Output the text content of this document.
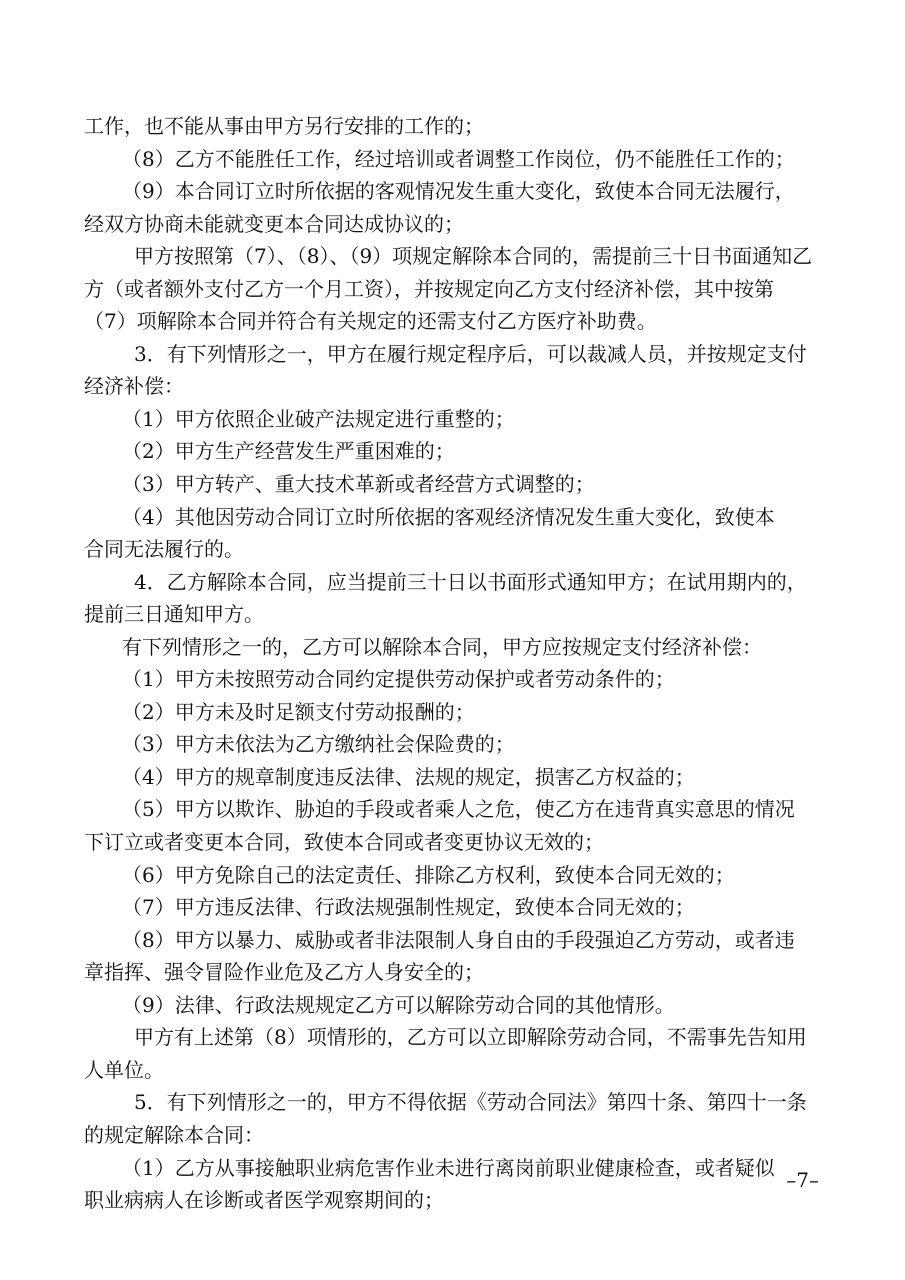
工作，也不能从事由甲方另行安排的工作的；
（8）乙方不能胜任工作，经过培训或者调整工作岗位，仍不能胜任工作的；
（9）本合同订立时所依据的客观情况发生重大变化，致使本合同无法履行，
经双方协商未能就变更本合同达成协议的；
甲方按照第（7）、（8）、（9）项规定解除本合同的，需提前三十日书面通知乙
方（或者额外支付乙方一个月工资），并按规定向乙方支付经济补偿，其中按第
（7）项解除本合同并符合有关规定的还需支付乙方医疗补助费。
3．有下列情形之一，甲方在履行规定程序后，可以裁减人员，并按规定支付
经济补偿：
（1）甲方依照企业破产法规定进行重整的；
（2）甲方生产经营发生严重困难的；
（3）甲方转产、重大技术革新或者经营方式调整的；
（4）其他因劳动合同订立时所依据的客观经济情况发生重大变化，致使本
合同无法履行的。
4．乙方解除本合同，应当提前三十日以书面形式通知甲方；在试用期内的，
提前三日通知甲方。
有下列情形之一的，乙方可以解除本合同，甲方应按规定支付经济补偿：
（1）甲方未按照劳动合同约定提供劳动保护或者劳动条件的；
（2）甲方未及时足额支付劳动报酬的；
（3）甲方未依法为乙方缴纳社会保险费的；
（4）甲方的规章制度违反法律、法规的规定，损害乙方权益的；
（5）甲方以欺诈、胁迫的手段或者乘人之危，使乙方在违背真实意思的情况
下订立或者变更本合同，致使本合同或者变更协议无效的；
（6）甲方免除自己的法定责任、排除乙方权利，致使本合同无效的；
（7）甲方违反法律、行政法规强制性规定，致使本合同无效的；
（8）甲方以暴力、威胁或者非法限制人身自由的手段强迫乙方劳动，或者违
章指挥、强令冒险作业危及乙方人身安全的；
（9）法律、行政法规规定乙方可以解除劳动合同的其他情形。
甲方有上述第（8）项情形的，乙方可以立即解除劳动合同，不需事先告知用
人单位。
5．有下列情形之一的，甲方不得依据《劳动合同法》第四十条、第四十一条
的规定解除本合同：
（1）乙方从事接触职业病危害作业未进行离岗前职业健康检查，或者疑似
职业病病人在诊断或者医学观察期间的；
–7–
